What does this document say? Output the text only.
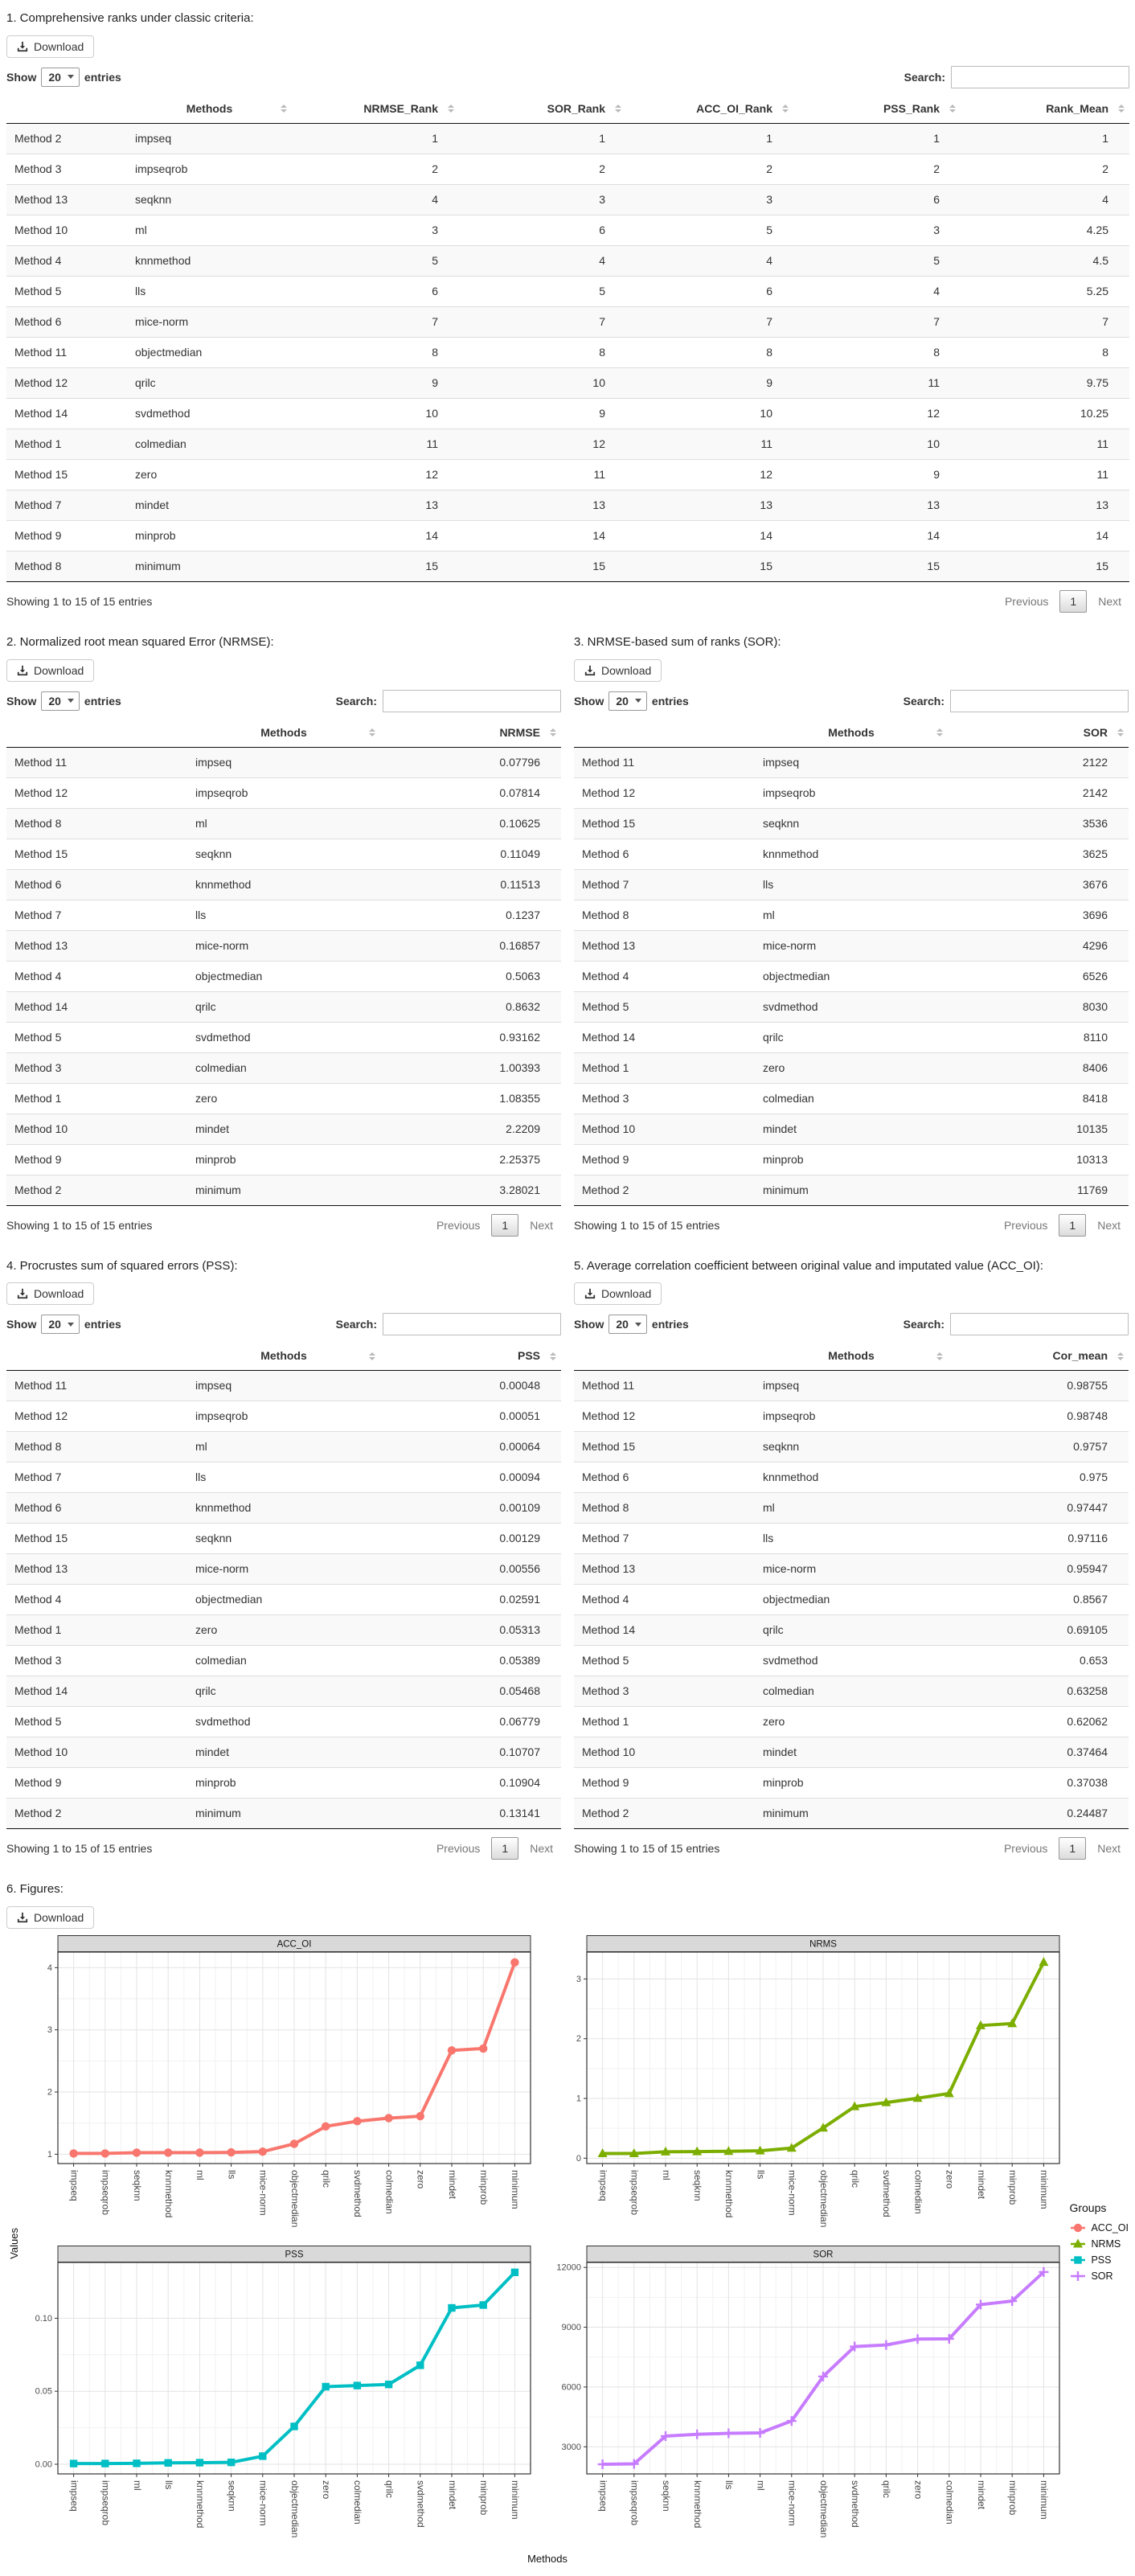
1. Comprehensive ranks under classic criteria:

Download
Show 20 entries	Search:
	Methods	NRMSE_Rank	SOR_Rank	ACC_OI_Rank	PSS_Rank	Rank_Mean

Method 2	impseq	1	1	1	1	1
Method 3	impseqrob	2	2	2	2	2
Method 13	seqknn	4	3	3	6	4
Method 10	ml	3	6	5	3	4.25
Method 4	knnmethod	5	4	4	5	4.5
Method 5	lls	6	5	6	4	5.25
Method 6	mice-norm	7	7	7	7	7
Method 11	objectmedian	8	8	8	8	8
Method 12	qrilc	9	10	9	11	9.75
Method 14	svdmethod	10	9	10	12	10.25
Method 1	colmedian	11	12	11	10	11
Method 15	zero	12	11	12	9	11
Method 7	mindet	13	13	13	13	13
Method 9	minprob	14	14	14	14	14
Method 8	minimum	15	15	15	15	15
Showing 1 to 15 of 15 entries	Previous	1	Next

2. Normalized root mean squared Error (NRMSE):

Download
Show 20 entries	Search:
	Methods	NRMSE

Method 11	impseq	0.07796
Method 12	impseqrob	0.07814
Method 8	ml	0.10625
Method 15	seqknn	0.11049
Method 6	knnmethod	0.11513
Method 7	lls	0.1237
Method 13	mice-norm	0.16857
Method 4	objectmedian	0.5063
Method 14	qrilc	0.8632
Method 5	svdmethod	0.93162
Method 3	colmedian	1.00393
Method 1	zero	1.08355
Method 10	mindet	2.2209
Method 9	minprob	2.25375
Method 2	minimum	3.28021
Showing 1 to 15 of 15 entries	Previous	1	Next

3. NRMSE-based sum of ranks (SOR):

Download
Show 20 entries	Search:
	Methods	SOR

Method 11	impseq	2122
Method 12	impseqrob	2142
Method 15	seqknn	3536
Method 6	knnmethod	3625
Method 7	lls	3676
Method 8	ml	3696
Method 13	mice-norm	4296
Method 4	objectmedian	6526
Method 5	svdmethod	8030
Method 14	qrilc	8110
Method 1	zero	8406
Method 3	colmedian	8418
Method 10	mindet	10135
Method 9	minprob	10313
Method 2	minimum	11769
Showing 1 to 15 of 15 entries	Previous	1	Next

4. Procrustes sum of squared errors (PSS):

Download
Show 20 entries	Search:
	Methods	PSS

Method 11	impseq	0.00048
Method 12	impseqrob	0.00051
Method 8	ml	0.00064
Method 7	lls	0.00094
Method 6	knnmethod	0.00109
Method 15	seqknn	0.00129
Method 13	mice-norm	0.00556
Method 4	objectmedian	0.02591
Method 1	zero	0.05313
Method 3	colmedian	0.05389
Method 14	qrilc	0.05468
Method 5	svdmethod	0.06779
Method 10	mindet	0.10707
Method 9	minprob	0.10904
Method 2	minimum	0.13141
Showing 1 to 15 of 15 entries	Previous	1	Next

5. Average correlation coefficient between original value and imputated value (ACC_OI):

Download
Show 20 entries	Search:
	Methods	Cor_mean

Method 11	impseq	0.98755
Method 12	impseqrob	0.98748
Method 15	seqknn	0.9757
Method 6	knnmethod	0.975
Method 8	ml	0.97447
Method 7	lls	0.97116
Method 13	mice-norm	0.95947
Method 4	objectmedian	0.8567
Method 14	qrilc	0.69105
Method 5	svdmethod	0.653
Method 3	colmedian	0.63258
Method 1	zero	0.62062
Method 10	mindet	0.37464
Method 9	minprob	0.37038
Method 2	minimum	0.24487
Showing 1 to 15 of 15 entries	Previous	1	Next

6. Figures:

Download
Values
ACC_OI
1
2
3
4
impseq impseqrob seqknn knnmethod ml lls mice-norm objectmedian qrilc svdmethod colmedian zero mindet minprob minimum
NRMS
0
1
2
3
impseq impseqrob ml seqknn knnmethod lls mice-norm objectmedian qrilc svdmethod colmedian zero mindet minprob minimum
PSS
0.00
0.05
0.10
impseq impseqrob ml lls knnmethod seqknn mice-norm objectmedian zero colmedian qrilc svdmethod mindet minprob minimum
SOR
3000
6000
9000
12000
impseq impseqrob seqknn knnmethod lls ml mice-norm objectmedian svdmethod qrilc zero colmedian mindet minprob minimum
Groups
ACC_OI
NRMS
PSS
SOR
Methods
